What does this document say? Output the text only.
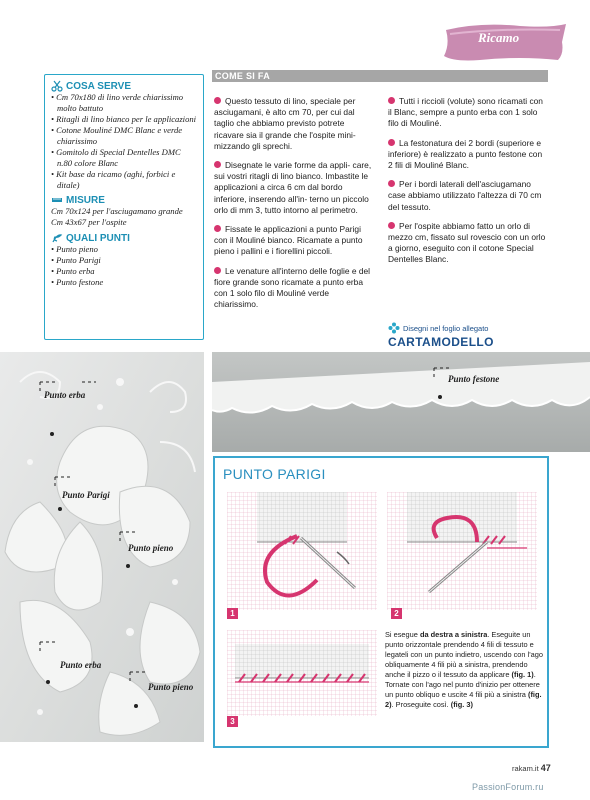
Ricamo
COSA SERVE
• Cm 70x180 di lino verde chiarissimo molto battuto
• Ritagli di lino bianco per le applicazioni
• Cotone Mouliné DMC Blanc e verde chiarissimo
• Gomitolo di Special Dentelles DMC n.80 colore Blanc
• Kit base da ricamo (aghi, forbici e ditale)
MISURE
Cm 70x124 per l'asciugamano grande
Cm 43x67 per l'ospite
QUALI PUNTI
• Punto pieno
• Punto Parigi
• Punto erba
• Punto festone
COME SI FA

Questo tessuto di lino, speciale per asciugamani, è alto cm 70, per cui dal taglio che abbiamo previsto potrete ricavare sia il grande che l'ospite mini- mizzando gli sprechi.

Disegnate le varie forme da appli- care, sui vostri ritagli di lino bianco. Imbastite le applicazioni a circa 6 cm dal bordo inferiore, inserendo all'in- terno un piccolo orlo di mm 3, tutto intorno al perimetro.

Fissate le applicazioni a punto Parigi con il Mouliné bianco. Ricamate a punto pieno i pallini e i fiorellini piccoli.

Le venature all'interno delle foglie e del fiore grande sono ricamate a punto erba con 1 solo filo di Mouliné verde chiarissimo.

Tutti i riccioli (volute) sono ricamati con il Blanc, sempre a punto erba con 1 solo filo di Mouliné.

La festonatura dei 2 bordi (superiore e inferiore) è realizzato a punto festone con 2 fili di Mouliné Blanc.

Per i bordi laterali dell'asciugamano case abbiamo utilizzato l'altezza di 70 cm del tessuto.

Per l'ospite abbiamo fatto un orlo di mezzo cm, fissato sul rovescio con un orlo a giorno, eseguito con il cotone Special Dentelles Blanc.

Disegni nel foglio allegato
CARTAMODELLO
Punto erba
Punto Parigi
Punto pieno
Punto erba
Punto pieno
Punto festone
PUNTO PARIGI
1	2
3
Si esegue da destra a sinistra. Eseguite un punto orizzontale prendendo 4 fili di tessuto e legateli con un punto indietro, uscendo con l'ago obliquamente 4 fili più a sinistra, prendendo anche il pizzo o il tessuto da applicare (fig. 1). Tornate con l'ago nel punto d'inizio per ottenere un punto obliquo e uscite 4 fili più a sinistra (fig. 2). Proseguite così. (fig. 3)
rakam.it 47
PassionForum.ru
